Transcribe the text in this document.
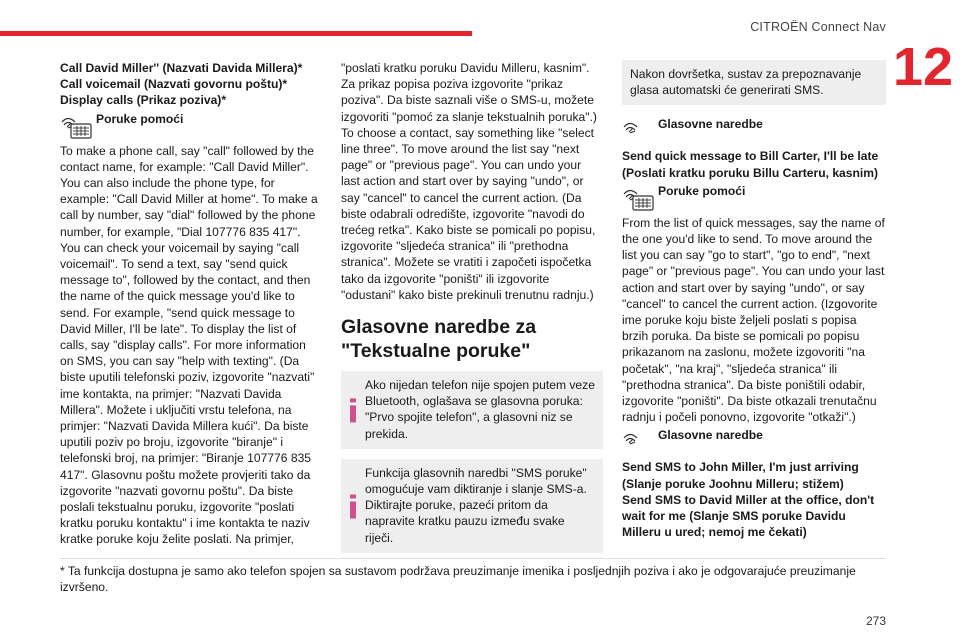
CITROËN Connect Nav
12

Call David Miller'' (Nazvati Davida Millera)*

Call voicemail (Nazvati govornu poštu)*

Display calls (Prikaz poziva)*

Poruke pomoći

To make a phone call, say "call" followed by the contact name, for example: "Call David Miller". You can also include the phone type, for example: "Call David Miller at home". To make a call by number, say "dial" followed by the phone number, for example, "Dial 107776 835 417". You can check your voicemail by saying "call voicemail". To send a text, say "send quick message to", followed by the contact, and then the name of the quick message you'd like to send. For example, "send quick message to David Miller, I'll be late". To display the list of calls, say "display calls". For more information on SMS, you can say "help with texting". (Da biste uputili telefonski poziv, izgovorite "nazvati" ime kontakta, na primjer: "Nazvati Davida Millera". Možete i uključiti vrstu telefona, na primjer: "Nazvati Davida Millera kući". Da biste uputili poziv po broju, izgovorite "biranje" i telefonski broj, na primjer: "Biranje 107776 835 417". Glasovnu poštu možete provjeriti tako da izgovorite "nazvati govornu poštu". Da biste poslali tekstualnu poruku, izgovorite "poslati kratku poruku kontaktu" i ime kontakta te naziv kratke poruke koju želite poslati. Na primjer,

"poslati kratku poruku Davidu Milleru, kasnim". Za prikaz popisa poziva izgovorite "prikaz poziva". Da biste saznali više o SMS-u, možete izgovoriti "pomoć za slanje tekstualnih poruka".) To choose a contact, say something like "select line three". To move around the list say "next page" or "previous page". You can undo your last action and start over by saying "undo", or say "cancel" to cancel the current action. (Da biste odabrali odredište, izgovorite "navodi do trećeg retka". Kako biste se pomicali po popisu, izgovorite "sljedeća stranica" ili "prethodna stranica". Možete se vratiti i započeti ispočetka tako da izgovorite "poništi" ili izgovorite "odustani" kako biste prekinuli trenutnu radnju.)

Glasovne naredbe za "Tekstualne poruke"

Ako nijedan telefon nije spojen putem veze Bluetooth, oglašava se glasovna poruka: "Prvo spojite telefon", a glasovni niz se prekida.

Funkcija glasovnih naredbi "SMS poruke" omogućuje vam diktiranje i slanje SMS-a.

Diktirajte poruke, pazeći pritom da napravite kratku pauzu između svake riječi.

Nakon dovršetka, sustav za prepoznavanje glasa automatski će generirati SMS.

Glasovne naredbe

Send quick message to Bill Carter, I'll be late (Poslati kratku poruku Billu Carteru, kasnim)

Poruke pomoći

From the list of quick messages, say the name of the one you'd like to send. To move around the list you can say "go to start", "go to end", "next page" or "previous page". You can undo your last action and start over by saying "undo", or say "cancel" to cancel the current action. (Izgovorite ime poruke koju biste željeli poslati s popisa brzih poruka. Da biste se pomicali po popisu prikazanom na zaslonu, možete izgovoriti "na početak", "na kraj", "sljedeća stranica" ili "prethodna stranica". Da biste poništili odabir, izgovorite "poništi". Da biste otkazali trenutačnu radnju i počeli ponovno, izgovorite "otkaži".)

Glasovne naredbe

Send SMS to John Miller, I'm just arriving (Slanje poruke Joohnu Milleru; stižem)

Send SMS to David Miller at the office, don't wait for me (Slanje SMS poruke Davidu Milleru u ured; nemoj me čekati)

* Ta funkcija dostupna je samo ako telefon spojen sa sustavom podržava preuzimanje imenika i posljednjih poziva i ako je odgovarajuće preuzimanje izvršeno.
273
